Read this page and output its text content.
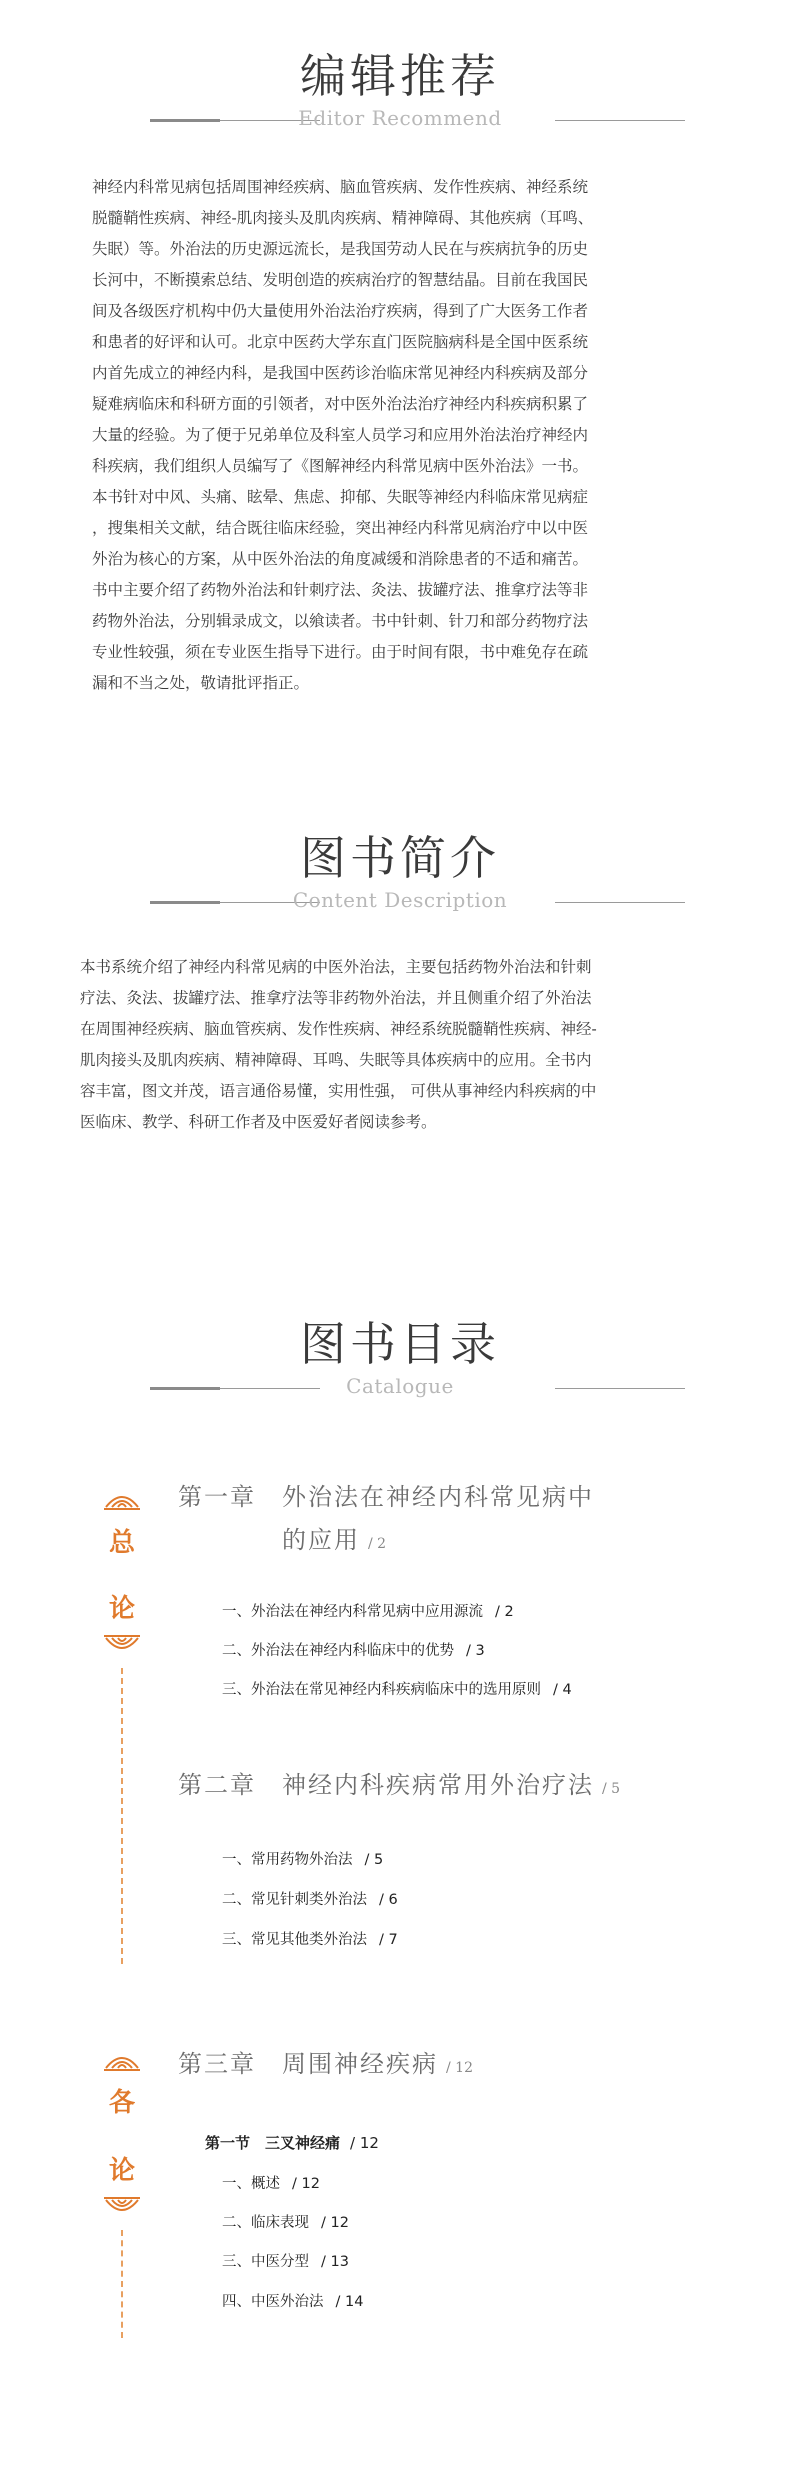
编辑推荐
Editor Recommend

神经内科常见病包括周围神经疾病、脑血管疾病、发作性疾病、神经系统

脱髓鞘性疾病、神经-肌肉接头及肌肉疾病、精神障碍、其他疾病（耳鸣、

失眠）等。外治法的历史源远流长，是我国劳动人民在与疾病抗争的历史

长河中，不断摸索总结、发明创造的疾病治疗的智慧结晶。目前在我国民

间及各级医疗机构中仍大量使用外治法治疗疾病，得到了广大医务工作者

和患者的好评和认可。北京中医药大学东直门医院脑病科是全国中医系统

内首先成立的神经内科，是我国中医药诊治临床常见神经内科疾病及部分

疑难病临床和科研方面的引领者，对中医外治法治疗神经内科疾病积累了

大量的经验。为了便于兄弟单位及科室人员学习和应用外治法治疗神经内

科疾病，我们组织人员编写了《图解神经内科常见病中医外治法》一书。

本书针对中风、头痛、眩晕、焦虑、抑郁、失眠等神经内科临床常见病症

，搜集相关文献，结合既往临床经验，突出神经内科常见病治疗中以中医

外治为核心的方案，从中医外治法的角度减缓和消除患者的不适和痛苦。

书中主要介绍了药物外治法和针刺疗法、灸法、拔罐疗法、推拿疗法等非

药物外治法，分别辑录成文，以飨读者。书中针刺、针刀和部分药物疗法

专业性较强，须在专业医生指导下进行。由于时间有限，书中难免存在疏

漏和不当之处，敬请批评指正。

图书简介
Content Description

本书系统介绍了神经内科常见病的中医外治法，主要包括药物外治法和针刺

疗法、灸法、拔罐疗法、推拿疗法等非药物外治法，并且侧重介绍了外治法

在周围神经疾病、脑血管疾病、发作性疾病、神经系统脱髓鞘性疾病、神经-

肌肉接头及肌肉疾病、精神障碍、耳鸣、失眠等具体疾病中的应用。全书内

容丰富，图文并茂，语言通俗易懂，实用性强， 可供从事神经内科疾病的中

医临床、教学、科研工作者及中医爱好者阅读参考。

图书目录
Catalogue
总
论
第一章　外治法在神经内科常见病中
的应用 / 2
一、外治法在神经内科常见病中应用源流 / 2
二、外治法在神经内科临床中的优势 / 3
三、外治法在常见神经内科疾病临床中的选用原则 / 4
第二章　神经内科疾病常用外治疗法 / 5
一、常用药物外治法 / 5
二、常见针刺类外治法 / 6
三、常见其他类外治法 / 7
各
论
第三章　周围神经疾病 / 12
第一节　三叉神经痛 / 12
一、概述 / 12
二、临床表现 / 12
三、中医分型 / 13
四、中医外治法 / 14
